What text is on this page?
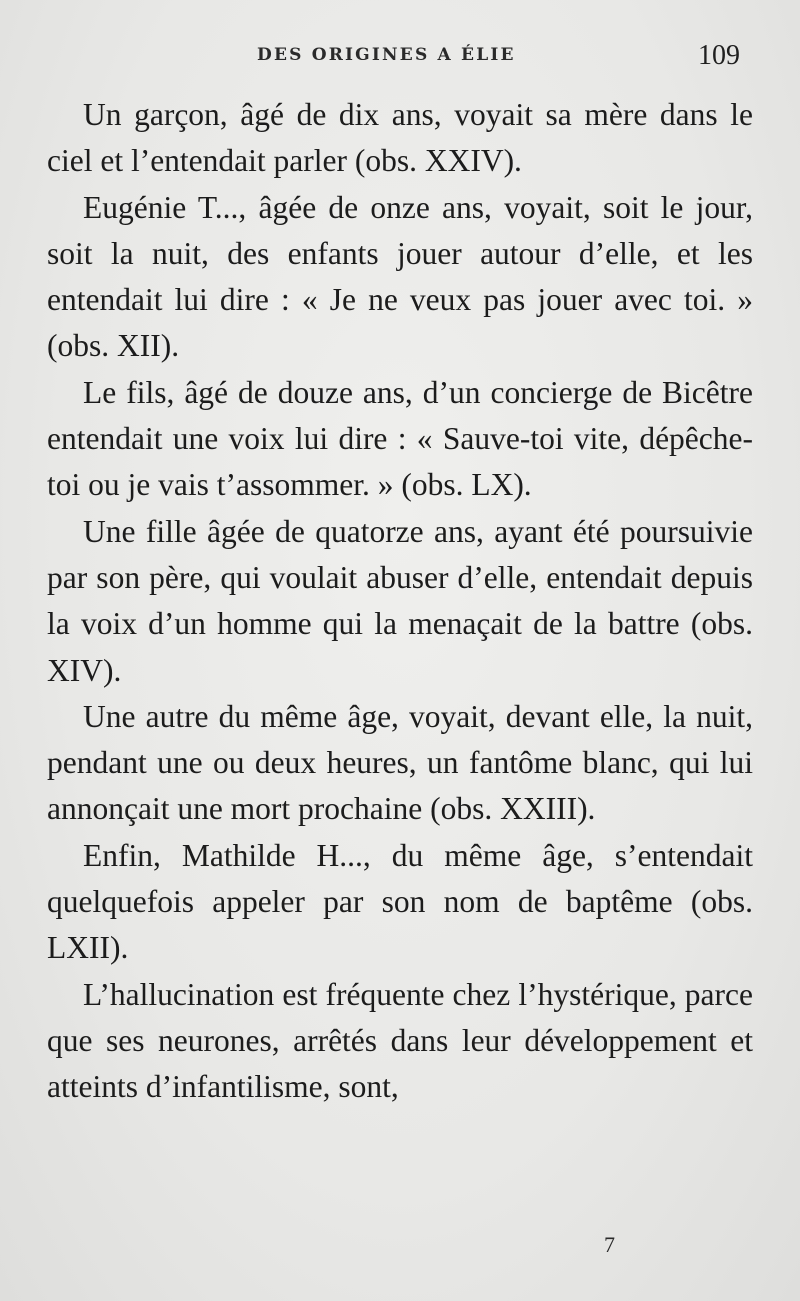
DES ORIGINES A ÉLIE	109

Un garçon, âgé de dix ans, voyait sa mère dans le ciel et l’entendait parler (obs. XXIV).

Eugénie T..., âgée de onze ans, voyait, soit le jour, soit la nuit, des enfants jouer autour d’elle, et les entendait lui dire : « Je ne veux pas jouer avec toi. » (obs. XII).

Le fils, âgé de douze ans, d’un concierge de Bicêtre entendait une voix lui dire : « Sauve-toi vite, dépêche-toi ou je vais t’assommer. » (obs. LX).

Une fille âgée de quatorze ans, ayant été poursuivie par son père, qui voulait abuser d’elle, entendait depuis la voix d’un homme qui la menaçait de la battre (obs. XIV).

Une autre du même âge, voyait, devant elle, la nuit, pendant une ou deux heures, un fantôme blanc, qui lui annonçait une mort prochaine (obs. XXIII).

Enfin, Mathilde H..., du même âge, s’entendait quelquefois appeler par son nom de baptême (obs. LXII).

L’hallucination est fréquente chez l’hystérique, parce que ses neurones, arrêtés dans leur développement et atteints d’infantilisme, sont,

7
